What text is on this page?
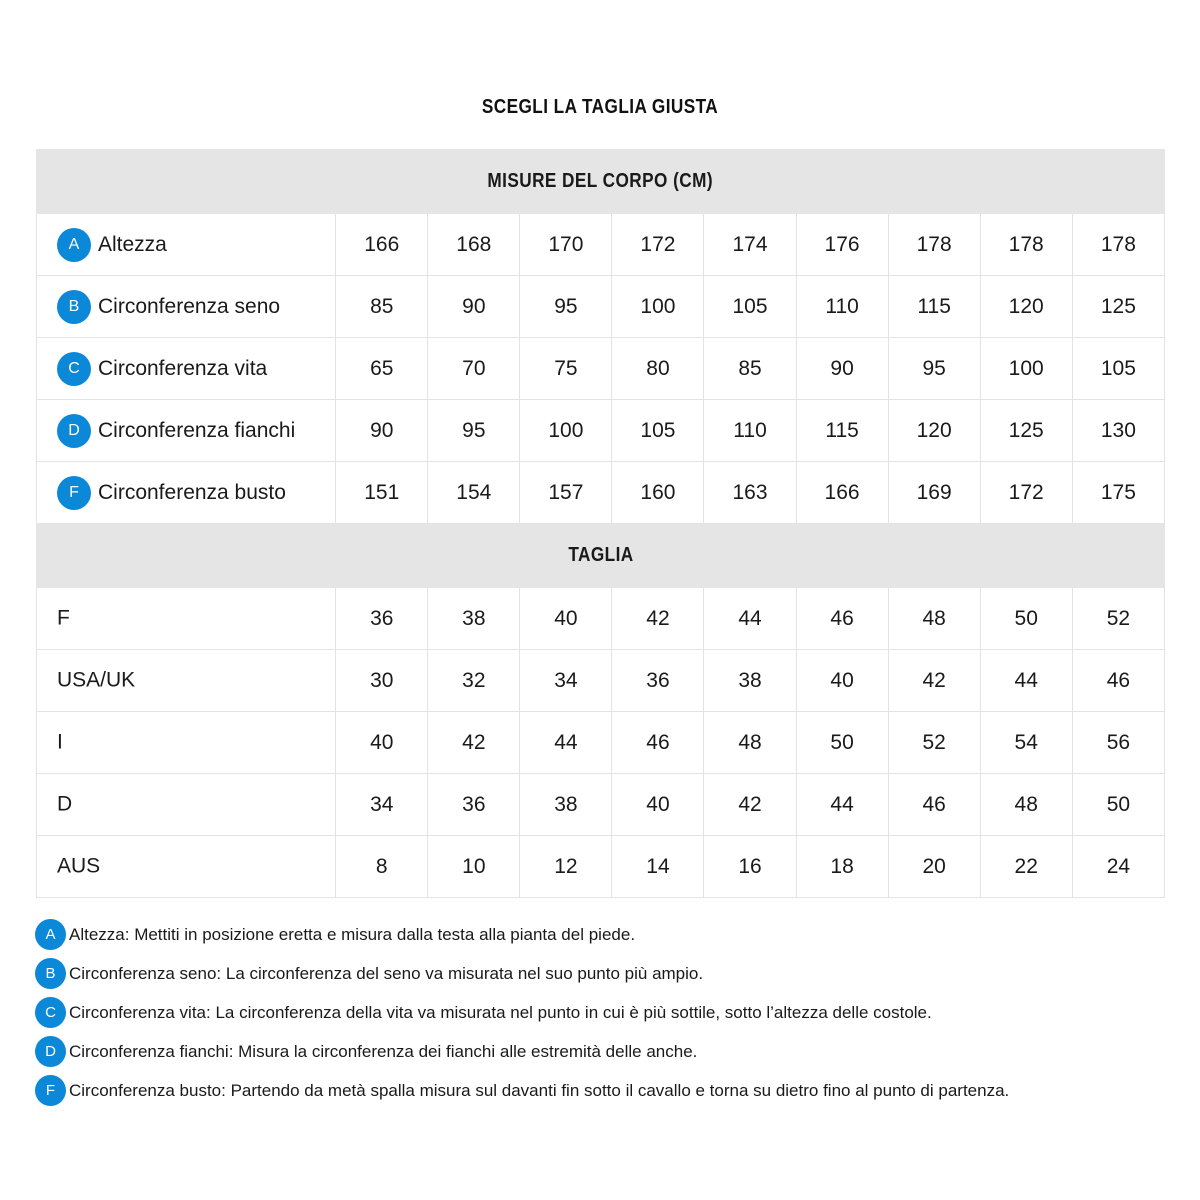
SCEGLI LA TAGLIA GIUSTA
MISURE DEL CORPO (CM)									
A Altezza	166	168	170	172	174	176	178	178	178
B Circonferenza seno	85	90	95	100	105	110	115	120	125
C Circonferenza vita	65	70	75	80	85	90	95	100	105
D Circonferenza fianchi	90	95	100	105	110	115	120	125	130
F Circonferenza busto	151	154	157	160	163	166	169	172	175
TAGLIA									
F	36	38	40	42	44	46	48	50	52
USA/UK	30	32	34	36	38	40	42	44	46
I	40	42	44	46	48	50	52	54	56
D	34	36	38	40	42	44	46	48	50
AUS	8	10	12	14	16	18	20	22	24
A Altezza: Mettiti in posizione eretta e misura dalla testa alla pianta del piede.
B Circonferenza seno: La circonferenza del seno va misurata nel suo punto più ampio.
C Circonferenza vita: La circonferenza della vita va misurata nel punto in cui è più sottile, sotto l’altezza delle costole.
D Circonferenza fianchi: Misura la circonferenza dei fianchi alle estremità delle anche.
F Circonferenza busto: Partendo da metà spalla misura sul davanti fin sotto il cavallo e torna su dietro fino al punto di partenza.
